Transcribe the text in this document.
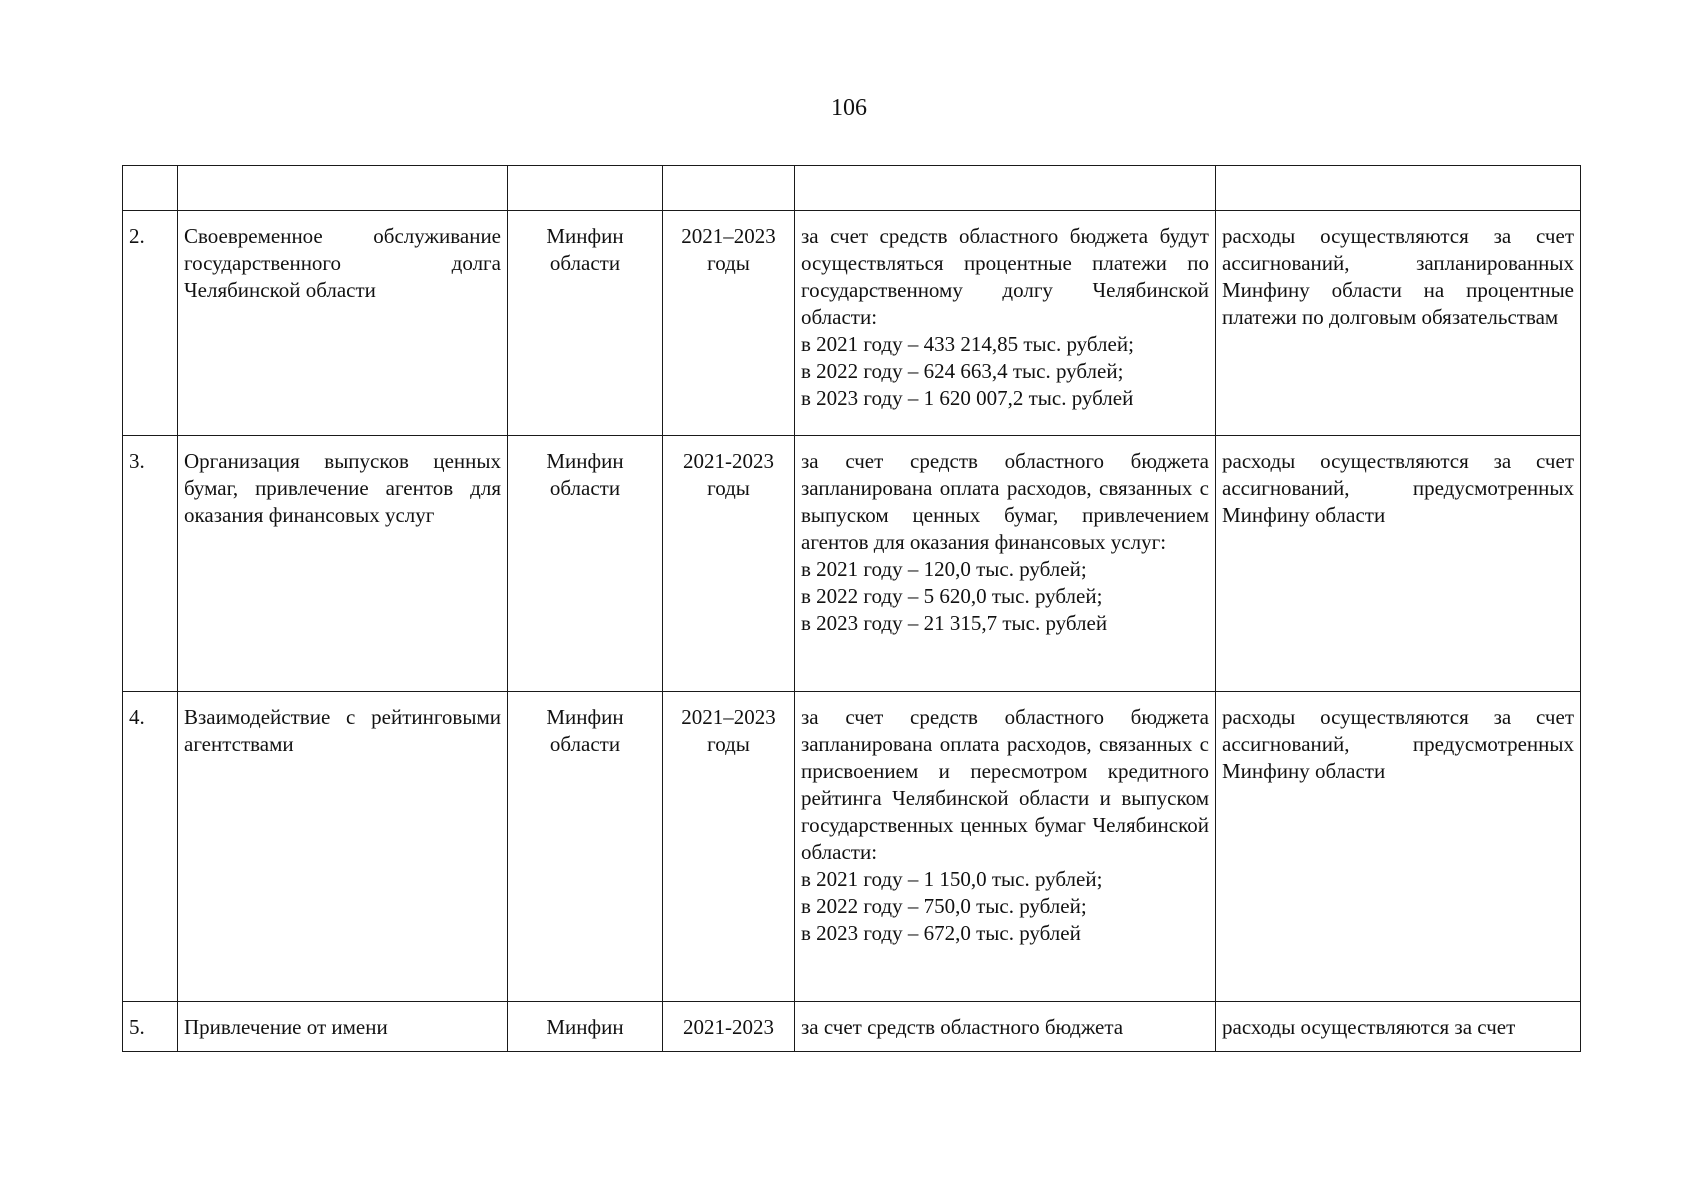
106

2.	Своевременное обслуживание государственного долга Челябинской области	Минфин области	2021–2023 годы	за счет средств областного бюджета будут осуществляться процентные платежи по государственному долгу Челябинской области:
в 2021 году – 433 214,85 тыс. рублей;
в 2022 году – 624 663,4 тыс. рублей;
в 2023 году – 1 620 007,2 тыс. рублей	расходы осуществляются за счет ассигнований, запланированных Минфину области на процентные платежи по долговым обязательствам
3.	Организация выпусков ценных бумаг, привлечение агентов для оказания финансовых услуг	Минфин области	2021-2023 годы	за счет средств областного бюджета запланирована оплата расходов, связанных с выпуском ценных бумаг, привлечением агентов для оказания финансовых услуг:
в 2021 году – 120,0 тыс. рублей;
в 2022 году – 5 620,0 тыс. рублей;
в 2023 году – 21 315,7 тыс. рублей	расходы осуществляются за счет ассигнований, предусмотренных Минфину области
4.	Взаимодействие с рейтинговыми агентствами	Минфин области	2021–2023 годы	за счет средств областного бюджета запланирована оплата расходов, связанных с присвоением и пересмотром кредитного рейтинга Челябинской области и выпуском государственных ценных бумаг Челябинской области:
в 2021 году – 1 150,0 тыс. рублей;
в 2022 году – 750,0 тыс. рублей;
в 2023 году – 672,0 тыс. рублей	расходы осуществляются за счет ассигнований, предусмотренных Минфину области
5.	Привлечение от имени	Минфин	2021-2023	за счет средств областного бюджета	расходы осуществляются за счет
